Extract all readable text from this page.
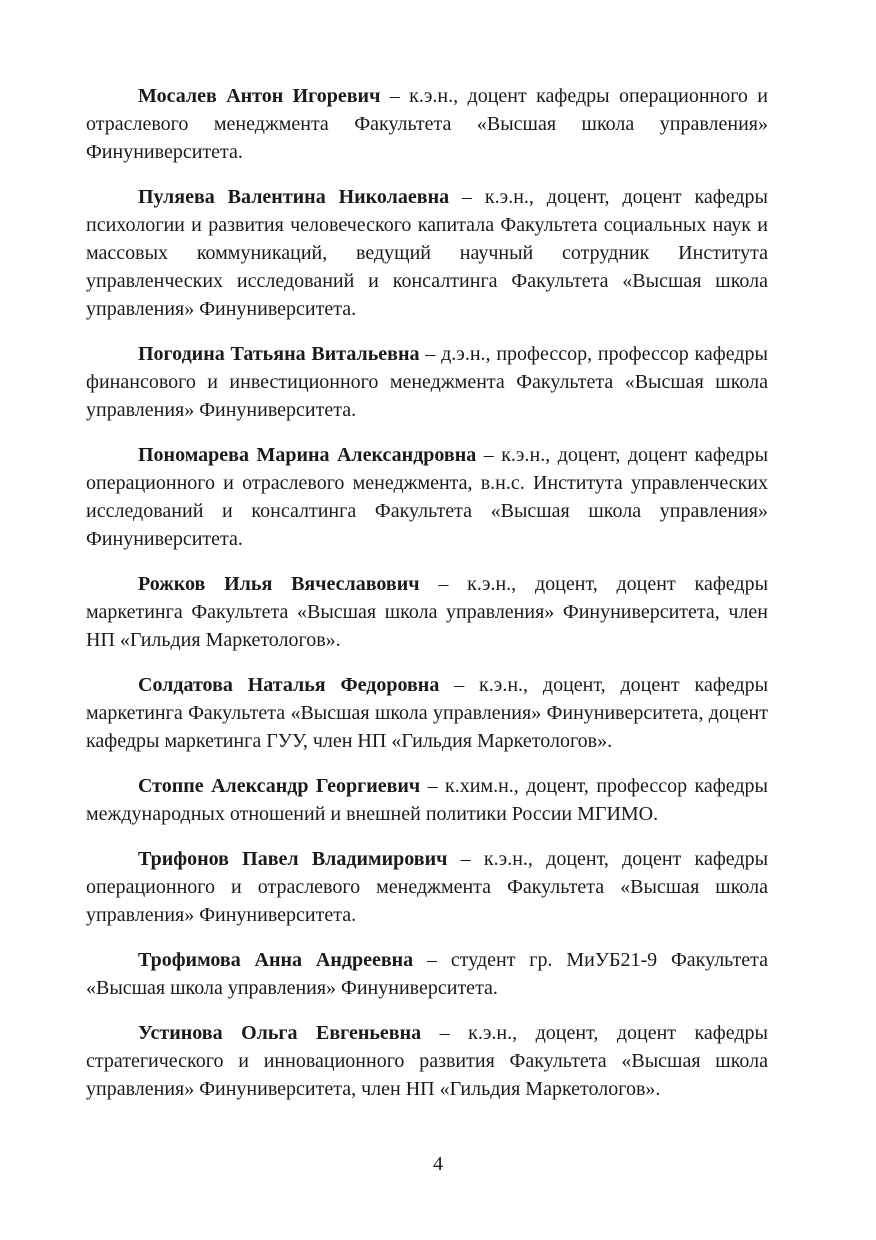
Мосалев Антон Игоревич – к.э.н., доцент кафедры операционного и отраслевого менеджмента Факультета «Высшая школа управления» Финуниверситета.

Пуляева Валентина Николаевна – к.э.н., доцент, доцент кафедры психологии и развития человеческого капитала Факультета социальных наук и массовых коммуникаций, ведущий научный сотрудник Института управленческих исследований и консалтинга Факультета «Высшая школа управления» Финуниверситета.

Погодина Татьяна Витальевна – д.э.н., профессор, профессор кафедры финансового и инвестиционного менеджмента Факультета «Высшая школа управления» Финуниверситета.

Пономарева Марина Александровна – к.э.н., доцент, доцент кафедры операционного и отраслевого менеджмента, в.н.с. Института управленческих исследований и консалтинга Факультета «Высшая школа управления» Финуниверситета.

Рожков Илья Вячеславович – к.э.н., доцент, доцент кафедры маркетинга Факультета «Высшая школа управления» Финуниверситета, член НП «Гильдия Маркетологов».

Солдатова Наталья Федоровна – к.э.н., доцент, доцент кафедры маркетинга Факультета «Высшая школа управления» Финуниверситета, доцент кафедры маркетинга ГУУ, член НП «Гильдия Маркетологов».

Стоппе Александр Георгиевич – к.хим.н., доцент, профессор кафедры международных отношений и внешней политики России МГИМО.

Трифонов Павел Владимирович – к.э.н., доцент, доцент кафедры операционного и отраслевого менеджмента Факультета «Высшая школа управления» Финуниверситета.

Трофимова Анна Андреевна – студент гр. МиУБ21-9 Факультета «Высшая школа управления» Финуниверситета.

Устинова Ольга Евгеньевна – к.э.н., доцент, доцент кафедры стратегического и инновационного развития Факультета «Высшая школа управления» Финуниверситета, член НП «Гильдия Маркетологов».

4
